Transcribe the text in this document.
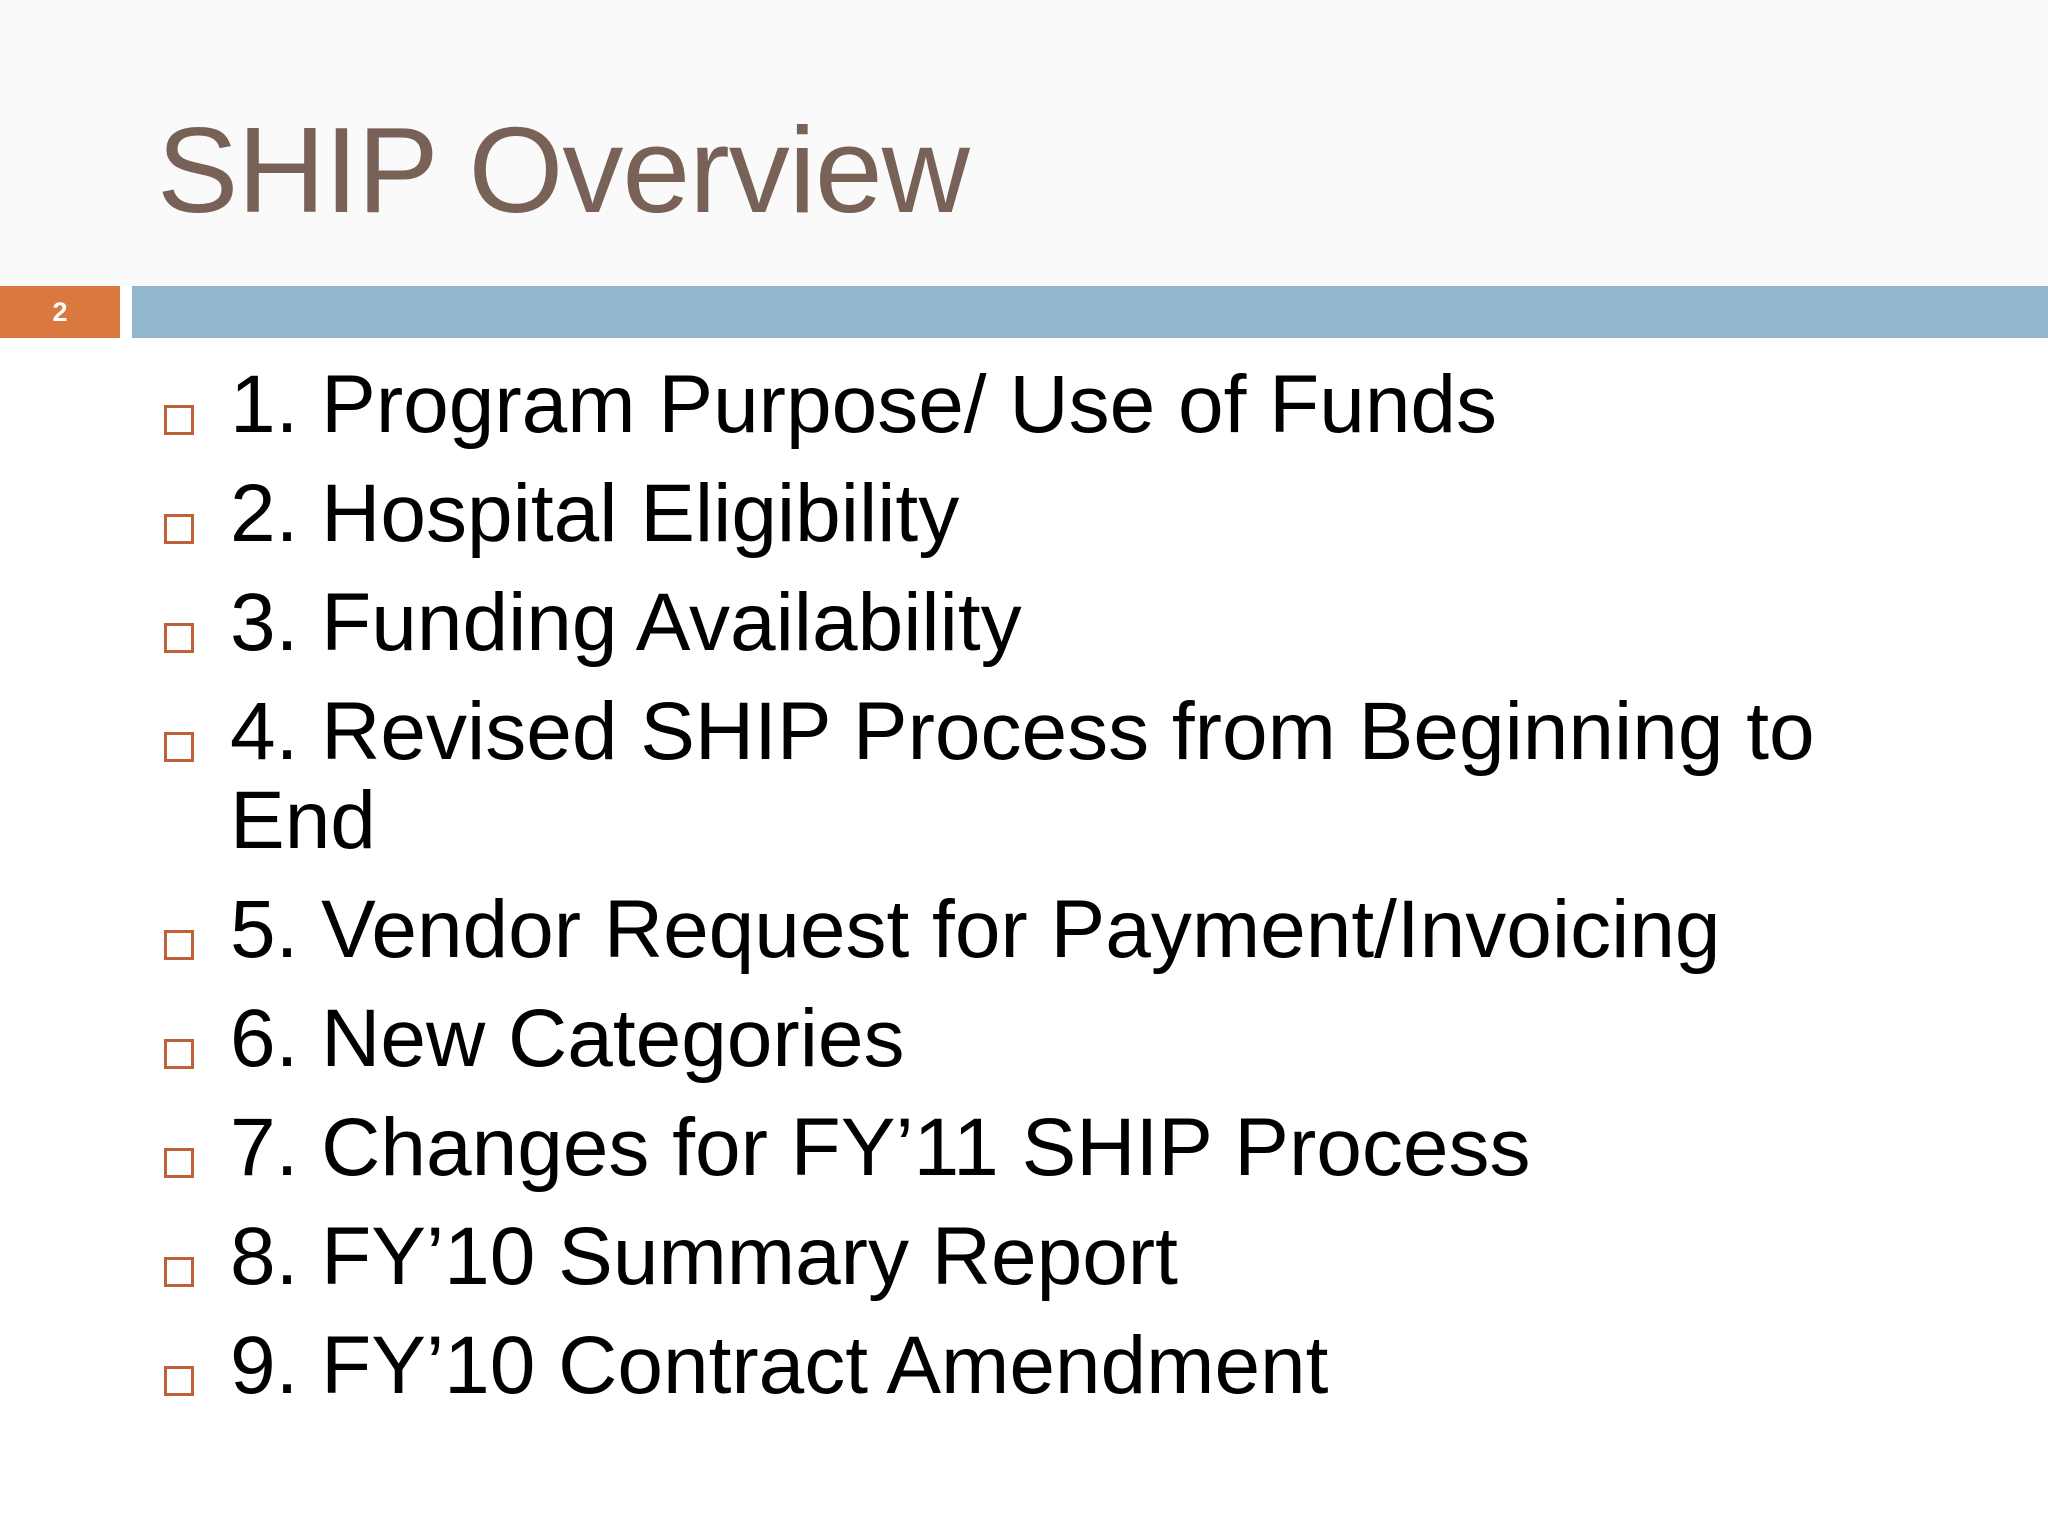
SHIP Overview
2
1. Program Purpose/ Use of Funds
2. Hospital Eligibility
3. Funding Availability
4. Revised SHIP Process from Beginning to End
5. Vendor Request for Payment/Invoicing
6. New Categories
7. Changes for FY’11 SHIP Process
8. FY’10 Summary Report
9. FY’10 Contract Amendment
